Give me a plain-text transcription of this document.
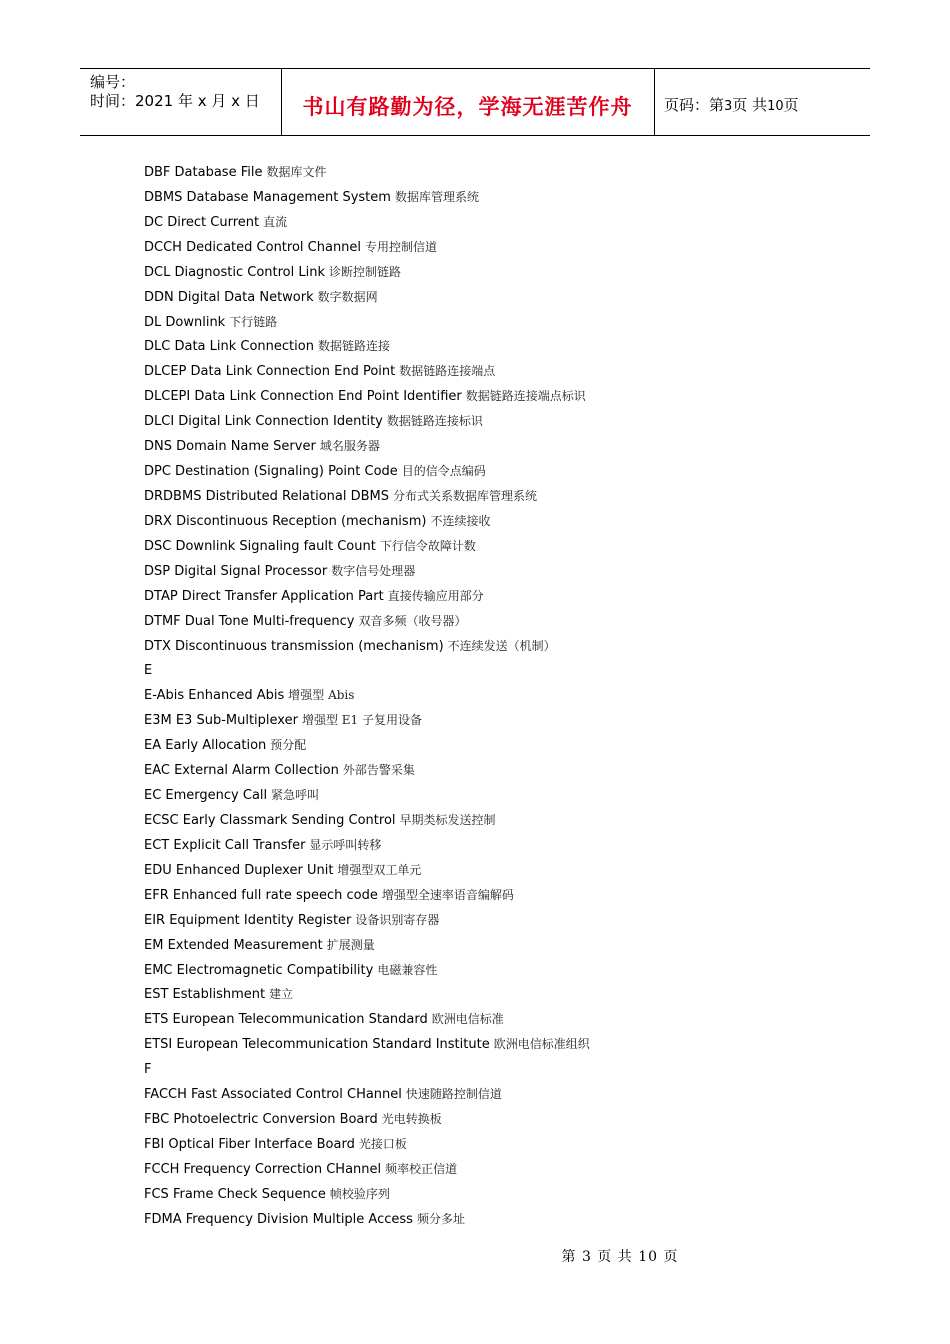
编号：
时间：2021 年 x 月 x 日	书山有路勤为径，学海无涯苦作舟	页码：第3页 共10页
DBF Database File 数据库文件
DBMS Database Management System 数据库管理系统
DC Direct Current 直流
DCCH Dedicated Control Channel 专用控制信道
DCL Diagnostic Control Link 诊断控制链路
DDN Digital Data Network 数字数据网
DL Downlink 下行链路
DLC Data Link Connection 数据链路连接
DLCEP Data Link Connection End Point 数据链路连接端点
DLCEPI Data Link Connection End Point Identifier 数据链路连接端点标识
DLCI Digital Link Connection Identity 数据链路连接标识
DNS Domain Name Server 域名服务器
DPC Destination (Signaling) Point Code 目的信令点编码
DRDBMS Distributed Relational DBMS 分布式关系数据库管理系统
DRX Discontinuous Reception (mechanism) 不连续接收
DSC Downlink Signaling fault Count 下行信令故障计数
DSP Digital Signal Processor 数字信号处理器
DTAP Direct Transfer Application Part 直接传输应用部分
DTMF Dual Tone Multi-frequency 双音多频（收号器）
DTX Discontinuous transmission (mechanism) 不连续发送（机制）
E
E-Abis Enhanced Abis 增强型 Abis
E3M E3 Sub-Multiplexer 增强型 E1 子复用设备
EA Early Allocation 预分配
EAC External Alarm Collection 外部告警采集
EC Emergency Call 紧急呼叫
ECSC Early Classmark Sending Control 早期类标发送控制
ECT Explicit Call Transfer 显示呼叫转移
EDU Enhanced Duplexer Unit 增强型双工单元
EFR Enhanced full rate speech code 增强型全速率语音编解码
EIR Equipment Identity Register 设备识别寄存器
EM Extended Measurement 扩展测量
EMC Electromagnetic Compatibility 电磁兼容性
EST Establishment 建立
ETS European Telecommunication Standard 欧洲电信标准
ETSI European Telecommunication Standard Institute 欧洲电信标准组织
F
FACCH Fast Associated Control CHannel 快速随路控制信道
FBC Photoelectric Conversion Board 光电转换板
FBI Optical Fiber Interface Board 光接口板
FCCH Frequency Correction CHannel 频率校正信道
FCS Frame Check Sequence 帧校验序列
FDMA Frequency Division Multiple Access 频分多址
第 3 页 共 10 页
